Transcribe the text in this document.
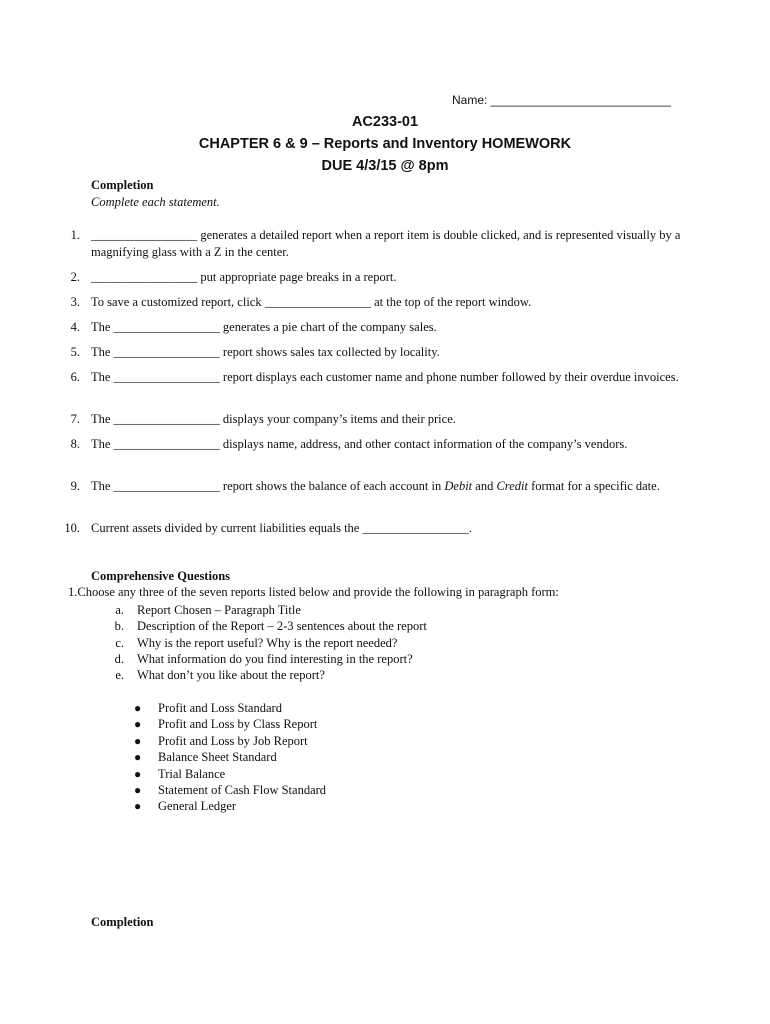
Name: ___________________________
AC233-01
CHAPTER 6 & 9 – Reports and Inventory HOMEWORK
DUE 4/3/15 @ 8pm
Completion
Complete each statement.
1. _________________ generates a detailed report when a report item is double clicked, and is represented visually by a magnifying glass with a Z in the center.
2. _________________ put appropriate page breaks in a report.
3. To save a customized report, click _________________ at the top of the report window.
4. The _________________ generates a pie chart of the company sales.
5. The _________________ report shows sales tax collected by locality.
6. The _________________ report displays each customer name and phone number followed by their overdue invoices.
7. The _________________ displays your company’s items and their price.
8. The _________________ displays name, address, and other contact information of the company’s vendors.
9. The _________________ report shows the balance of each account in Debit and Credit format for a specific date.
10. Current assets divided by current liabilities equals the _________________.
Comprehensive Questions
1.Choose any three of the seven reports listed below and provide the following in paragraph form:
a. Report Chosen – Paragraph Title
b. Description of the Report – 2-3 sentences about the report
c. Why is the report useful? Why is the report needed?
d. What information do you find interesting in the report?
e. What don’t you like about the report?
● Profit and Loss Standard
● Profit and Loss by Class Report
● Profit and Loss by Job Report
● Balance Sheet Standard
● Trial Balance
● Statement of Cash Flow Standard
● General Ledger
Completion
